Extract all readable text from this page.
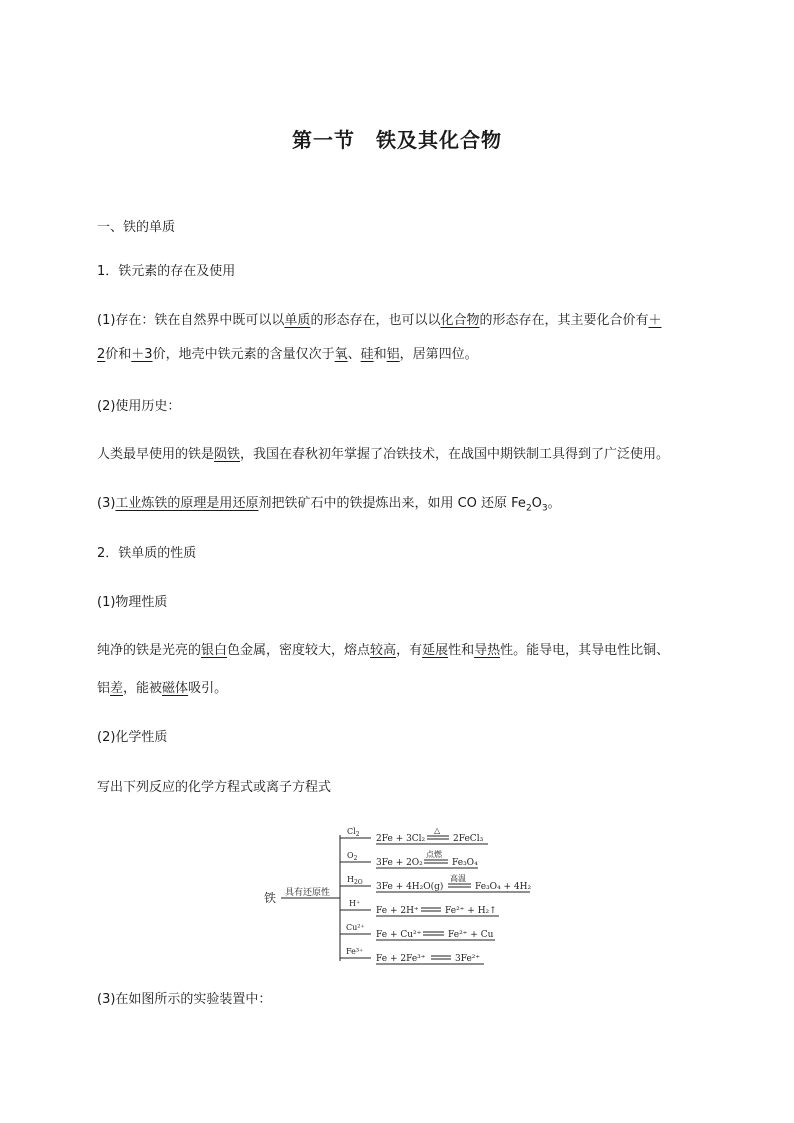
第一节　铁及其化合物
一、铁的单质
1．铁元素的存在及使用
(1)存在：铁在自然界中既可以以单质的形态存在，也可以以化合物的形态存在，其主要化合价有＋
2价和＋3价，地壳中铁元素的含量仅次于氧、硅和铝，居第四位。
(2)使用历史：
人类最早使用的铁是陨铁，我国在春秋初年掌握了冶铁技术，在战国中期铁制工具得到了广泛使用。
(3)工业炼铁的原理是用还原剂把铁矿石中的铁提炼出来，如用 CO 还原 $Fe_2O_3$。
2．铁单质的性质
(1)物理性质
纯净的铁是光亮的银白色金属，密度较大，熔点较高，有延展性和导热性。能导电，其导电性比铜、
铝差，能被磁体吸引。
(2)化学性质
写出下列反应的化学方程式或离子方程式
铁 具有还原性
$Cl_2$ 2Fe + 3Cl₂
△
2FeCl₃
$O_2$ 3Fe + 2O₂
点燃
Fe₃O₄
$H_{2O}$ 3Fe + 4H₂O(g)
高温
Fe₃O₄ + 4H₂
H⁺
Fe + 2H⁺	Fe²⁺ + H₂↑
Cu²⁺
Fe + Cu²⁺	Fe²⁺ + Cu
Fe³⁺
Fe + 2Fe³⁺	3Fe²⁺
(3)在如图所示的实验装置中：
